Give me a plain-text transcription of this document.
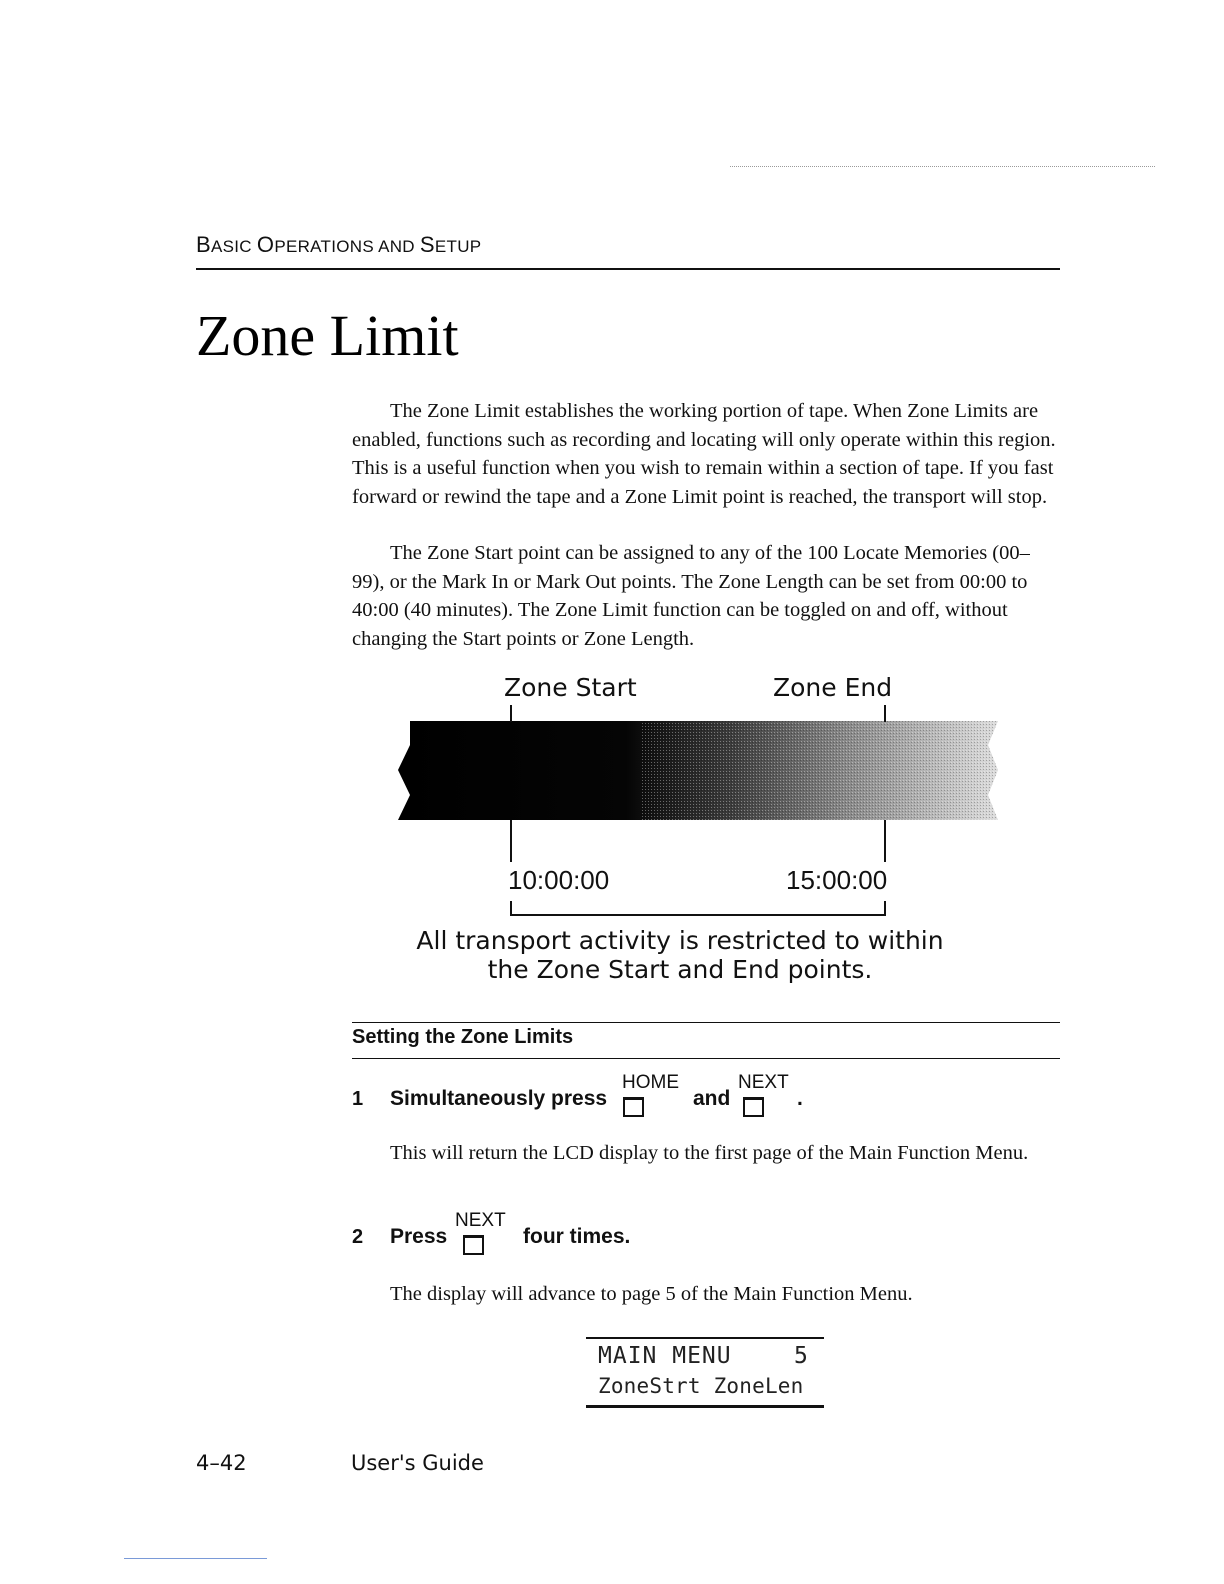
BASIC OPERATIONS AND SETUP
Zone Limit

The Zone Limit establishes the working portion of tape. When Zone Limits are enabled, functions such as recording and locating will only operate within this region. This is a useful function when you wish to remain within a section of tape. If you fast forward or rewind the tape and a Zone Limit point is reached, the transport will stop.

The Zone Start point can be assigned to any of the 100 Locate Memories (00–99), or the Mark In or Mark Out points. The Zone Length can be set from 00:00 to 40:00 (40 minutes). The Zone Limit function can be toggled on and off, without changing the Start points or Zone Length.

Zone Start	Zone End
10:00:00	15:00:00
All transport activity is restricted to within
the Zone Start and End points.
Setting the Zone Limits
1 Simultaneously press
HOME
and
NEXT
.

This will return the LCD display to the first page of the Main Function Menu.

2 Press
NEXT
four times.

The display will advance to page 5 of the Main Function Menu.

MAIN MENU	5
ZoneStrt ZoneLen
4–42	User's Guide
